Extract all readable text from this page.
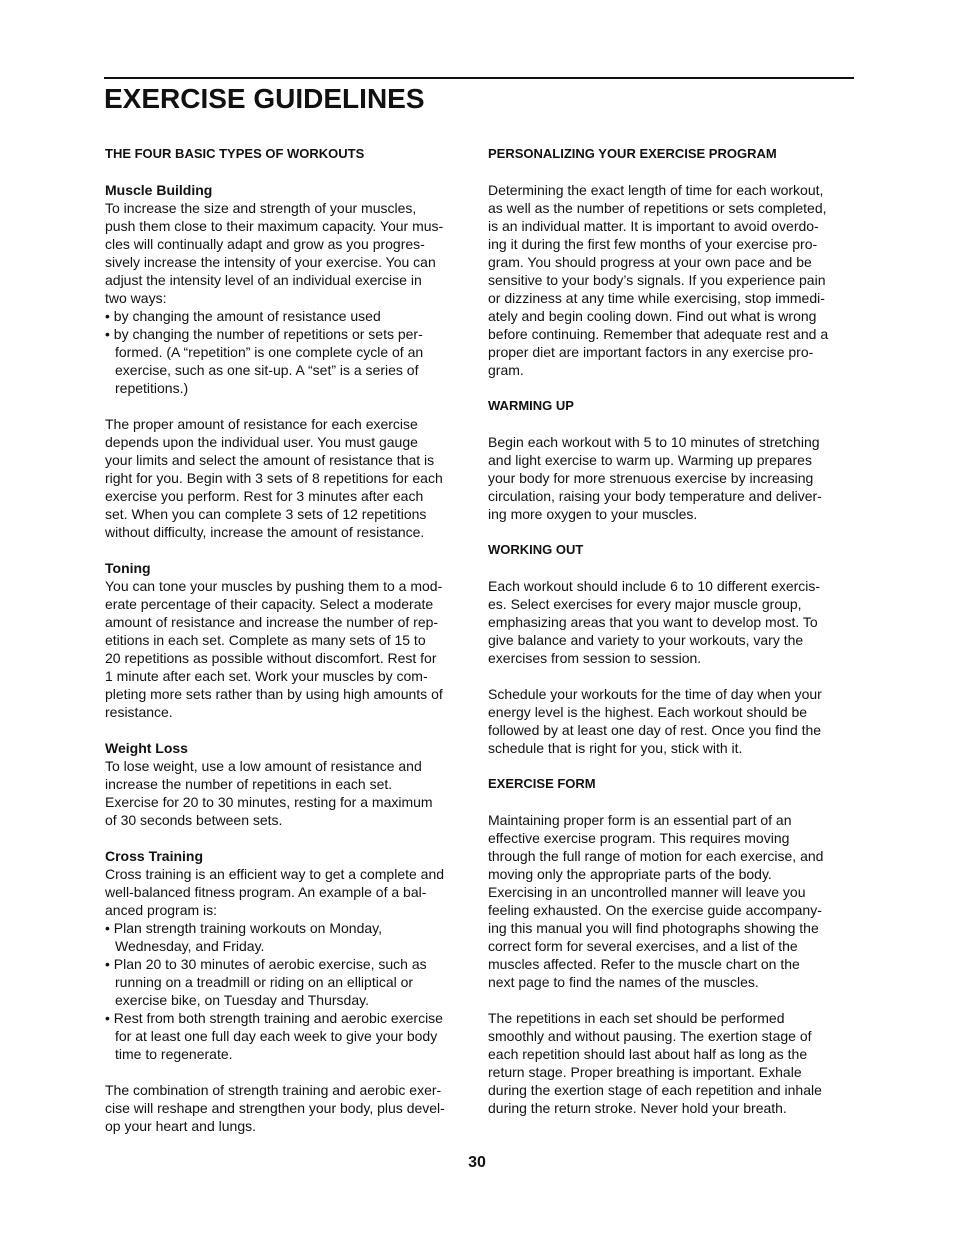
EXERCISE GUIDELINES
THE FOUR BASIC TYPES OF WORKOUTS
Muscle Building
To increase the size and strength of your muscles,
push them close to their maximum capacity. Your mus-
cles will continually adapt and grow as you progres-
sively increase the intensity of your exercise. You can
adjust the intensity level of an individual exercise in
two ways:
• by changing the amount of resistance used
• by changing the number of repetitions or sets per-
formed. (A “repetition” is one complete cycle of an
exercise, such as one sit-up. A “set” is a series of
repetitions.)
The proper amount of resistance for each exercise
depends upon the individual user. You must gauge
your limits and select the amount of resistance that is
right for you. Begin with 3 sets of 8 repetitions for each
exercise you perform. Rest for 3 minutes after each
set. When you can complete 3 sets of 12 repetitions
without difficulty, increase the amount of resistance.
Toning
You can tone your muscles by pushing them to a mod-
erate percentage of their capacity. Select a moderate
amount of resistance and increase the number of rep-
etitions in each set. Complete as many sets of 15 to
20 repetitions as possible without discomfort. Rest for
1 minute after each set. Work your muscles by com-
pleting more sets rather than by using high amounts of
resistance.
Weight Loss
To lose weight, use a low amount of resistance and
increase the number of repetitions in each set.
Exercise for 20 to 30 minutes, resting for a maximum
of 30 seconds between sets.
Cross Training
Cross training is an efficient way to get a complete and
well-balanced fitness program. An example of a bal-
anced program is:
• Plan strength training workouts on Monday,
Wednesday, and Friday.
• Plan 20 to 30 minutes of aerobic exercise, such as
running on a treadmill or riding on an elliptical or
exercise bike, on Tuesday and Thursday.
• Rest from both strength training and aerobic exercise
for at least one full day each week to give your body
time to regenerate.
The combination of strength training and aerobic exer-
cise will reshape and strengthen your body, plus devel-
op your heart and lungs.
PERSONALIZING YOUR EXERCISE PROGRAM
Determining the exact length of time for each workout,
as well as the number of repetitions or sets completed,
is an individual matter. It is important to avoid overdo-
ing it during the first few months of your exercise pro-
gram. You should progress at your own pace and be
sensitive to your body’s signals. If you experience pain
or dizziness at any time while exercising, stop immedi-
ately and begin cooling down. Find out what is wrong
before continuing. Remember that adequate rest and a
proper diet are important factors in any exercise pro-
gram.
WARMING UP
Begin each workout with 5 to 10 minutes of stretching
and light exercise to warm up. Warming up prepares
your body for more strenuous exercise by increasing
circulation, raising your body temperature and deliver-
ing more oxygen to your muscles.
WORKING OUT
Each workout should include 6 to 10 different exercis-
es. Select exercises for every major muscle group,
emphasizing areas that you want to develop most. To
give balance and variety to your workouts, vary the
exercises from session to session.
Schedule your workouts for the time of day when your
energy level is the highest. Each workout should be
followed by at least one day of rest. Once you find the
schedule that is right for you, stick with it.
EXERCISE FORM
Maintaining proper form is an essential part of an
effective exercise program. This requires moving
through the full range of motion for each exercise, and
moving only the appropriate parts of the body.
Exercising in an uncontrolled manner will leave you
feeling exhausted. On the exercise guide accompany-
ing this manual you will find photographs showing the
correct form for several exercises, and a list of the
muscles affected. Refer to the muscle chart on the
next page to find the names of the muscles.
The repetitions in each set should be performed
smoothly and without pausing. The exertion stage of
each repetition should last about half as long as the
return stage. Proper breathing is important. Exhale
during the exertion stage of each repetition and inhale
during the return stroke. Never hold your breath.
30
